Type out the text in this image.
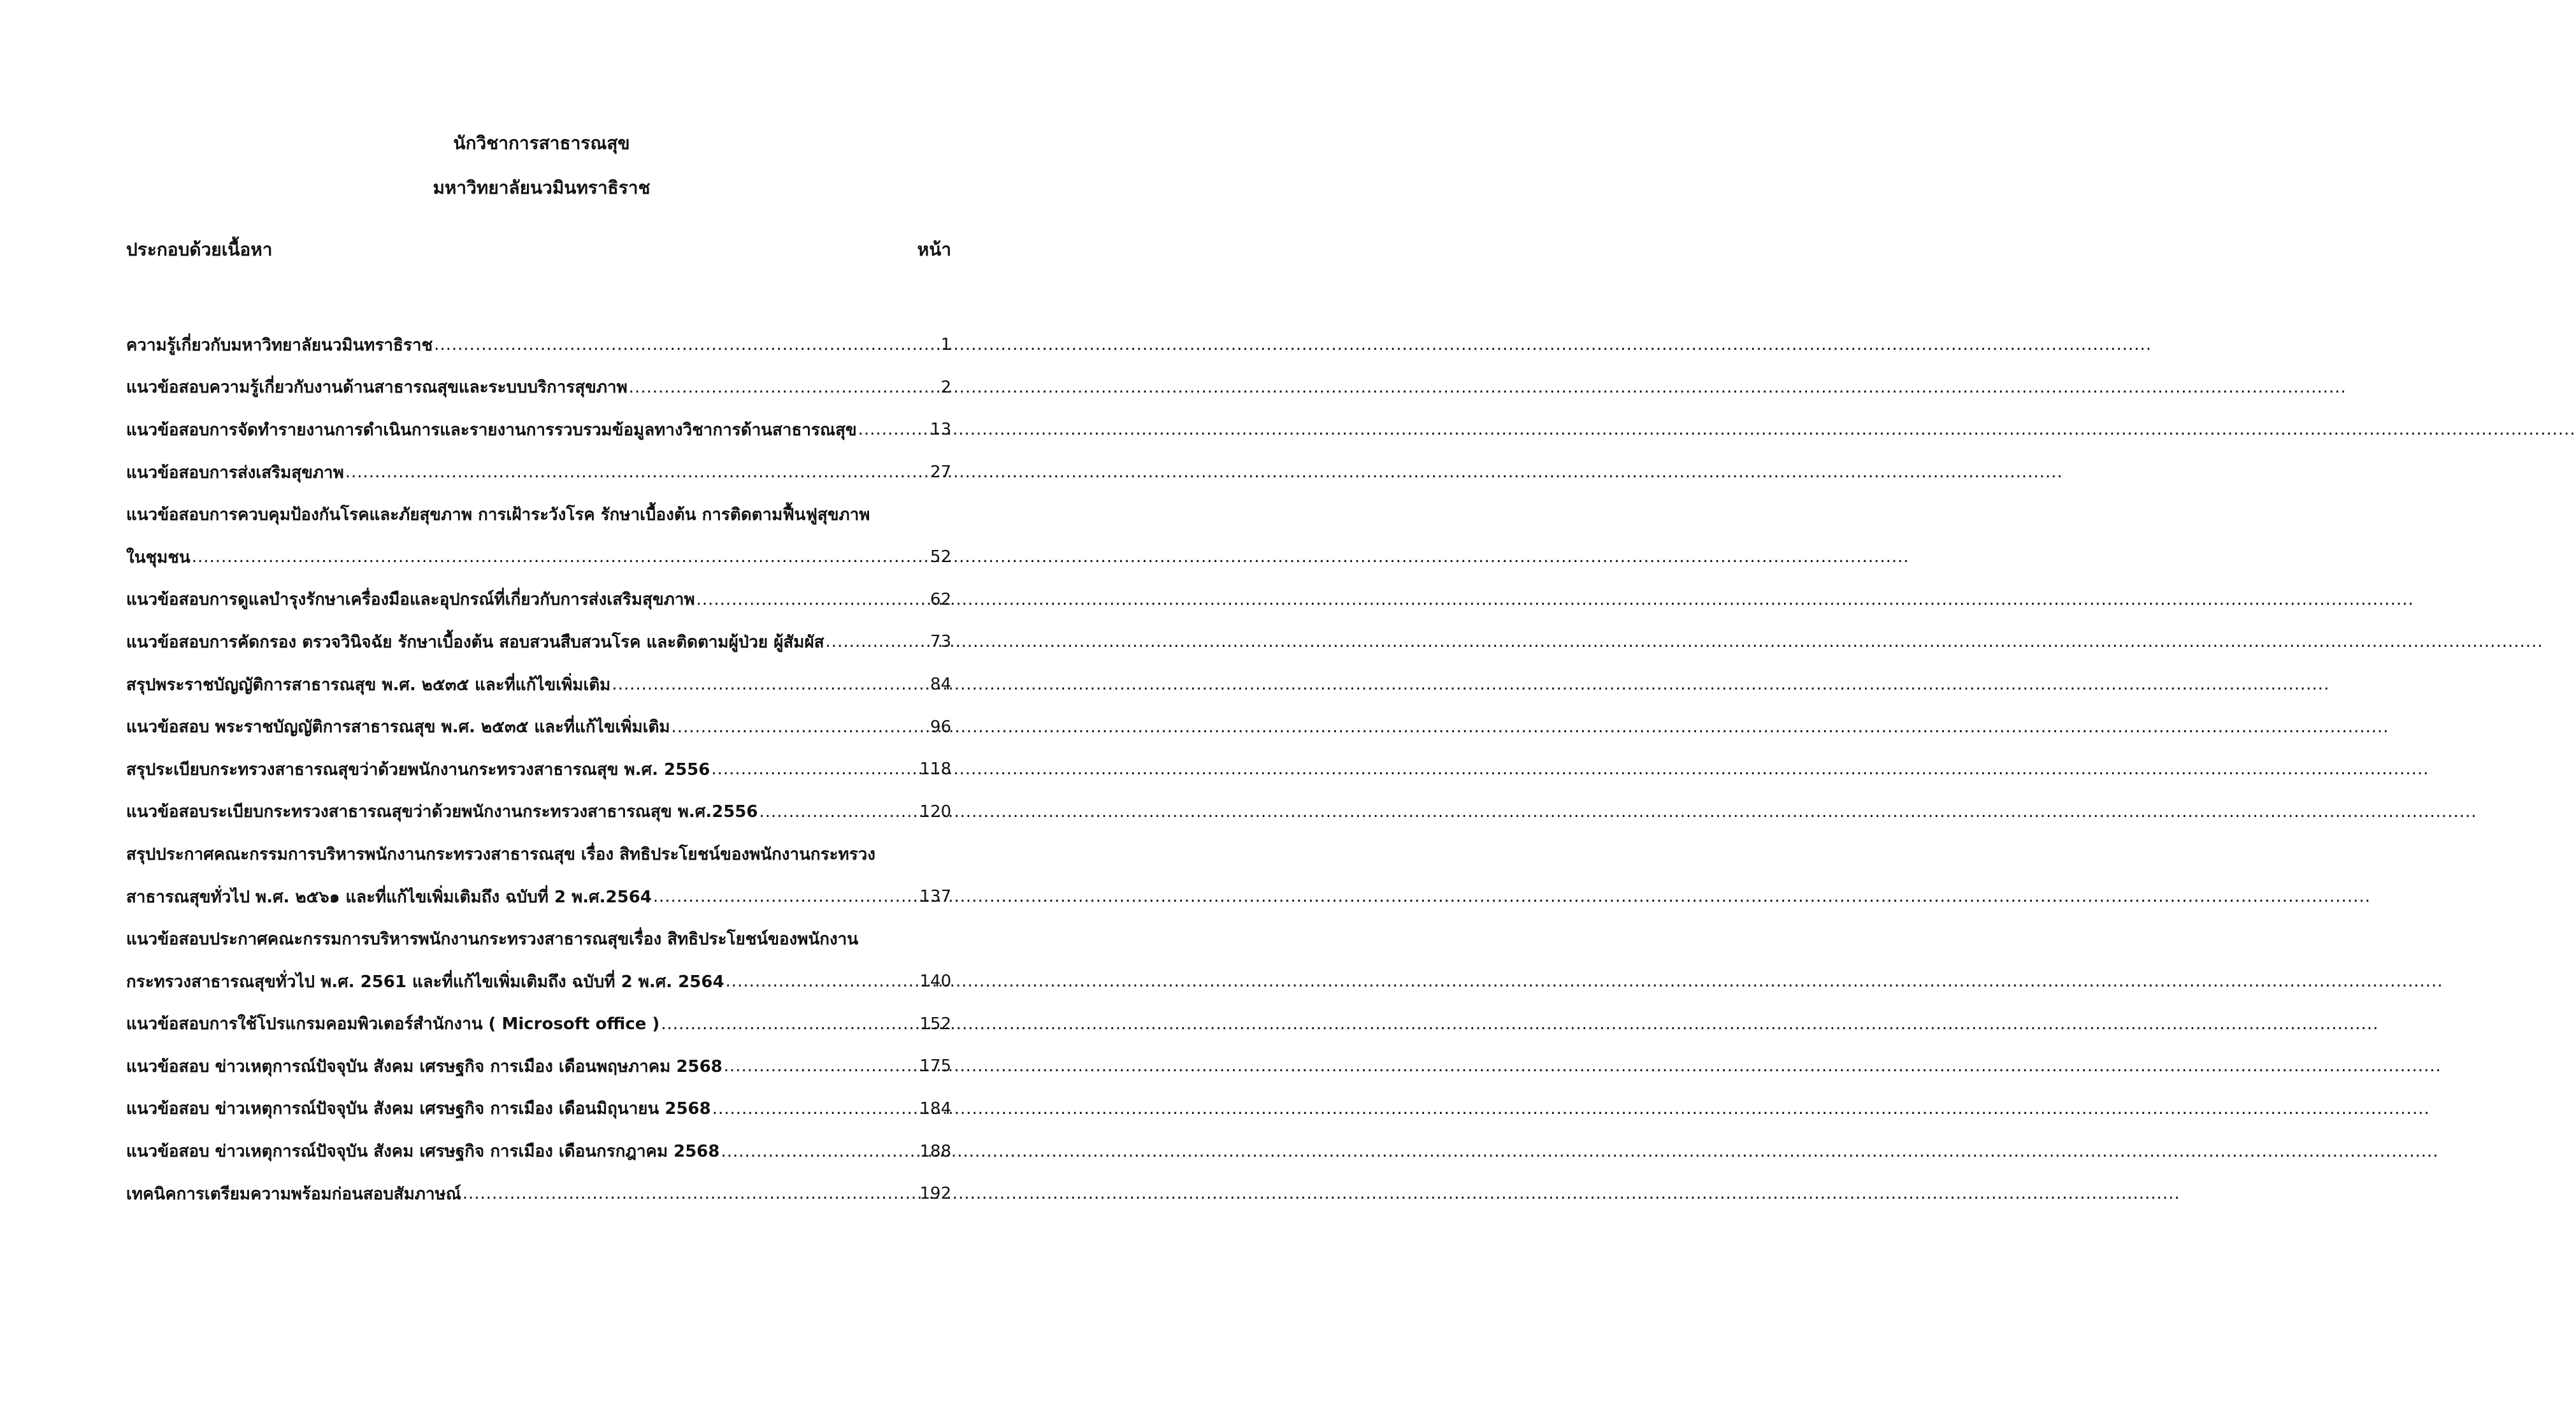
นักวิชาการสาธารณสุข
มหาวิทยาลัยนวมินทราธิราช
ประกอบด้วยเนื้อหา	หน้า
ความรู้เกี่ยวกับมหาวิทยาลัยนวมินทราธิราช .....	1
แนวข้อสอบความรู้เกี่ยวกับงานด้านสาธารณสุขและระบบบริการสุขภาพ .....	2
แนวข้อสอบการจัดทำรายงานการดำเนินการและรายงานการรวบรวมข้อมูลทางวิชาการด้านสาธารณสุข .....	13
แนวข้อสอบการส่งเสริมสุขภาพ .....	27
แนวข้อสอบการควบคุมป้องกันโรคและภัยสุขภาพ การเฝ้าระวังโรค รักษาเบื้องต้น การติดตามฟื้นฟูสุขภาพ
ในชุมชน .....	52
แนวข้อสอบการดูแลบำรุงรักษาเครื่องมือและอุปกรณ์ที่เกี่ยวกับการส่งเสริมสุขภาพ .....	62
แนวข้อสอบการคัดกรอง ตรวจวินิจฉัย รักษาเบื้องต้น สอบสวนสืบสวนโรค และติดตามผู้ป่วย ผู้สัมผัส .....	73
สรุปพระราชบัญญัติการสาธารณสุข พ.ศ. ๒๕๓๕ และที่แก้ไขเพิ่มเติม .....	84
แนวข้อสอบ พระราชบัญญัติการสาธารณสุข พ.ศ. ๒๕๓๕ และที่แก้ไขเพิ่มเติม .....	96
สรุประเบียบกระทรวงสาธารณสุขว่าด้วยพนักงานกระทรวงสาธารณสุข พ.ศ. 2556 .....	118
แนวข้อสอบระเบียบกระทรวงสาธารณสุขว่าด้วยพนักงานกระทรวงสาธารณสุข พ.ศ.2556 .....	120
สรุปประกาศคณะกรรมการบริหารพนักงานกระทรวงสาธารณสุข เรื่อง สิทธิประโยชน์ของพนักงานกระทรวง
สาธารณสุขทั่วไป พ.ศ. ๒๕๖๑ และที่แก้ไขเพิ่มเติมถึง ฉบับที่ 2 พ.ศ.2564 .....	137
แนวข้อสอบประกาศคณะกรรมการบริหารพนักงานกระทรวงสาธารณสุขเรื่อง สิทธิประโยชน์ของพนักงาน
กระทรวงสาธารณสุขทั่วไป พ.ศ. 2561 และที่แก้ไขเพิ่มเติมถึง ฉบับที่ 2 พ.ศ. 2564 .....	140
แนวข้อสอบการใช้โปรแกรมคอมพิวเตอร์สำนักงาน ( Microsoft office ) .....	152
แนวข้อสอบ ข่าวเหตุการณ์ปัจจุบัน สังคม เศรษฐกิจ การเมือง เดือนพฤษภาคม 2568 .....	175
แนวข้อสอบ ข่าวเหตุการณ์ปัจจุบัน สังคม เศรษฐกิจ การเมือง เดือนมิถุนายน 2568 .....	184
แนวข้อสอบ ข่าวเหตุการณ์ปัจจุบัน สังคม เศรษฐกิจ การเมือง เดือนกรกฎาคม 2568 .....	188
เทคนิคการเตรียมความพร้อมก่อนสอบสัมภาษณ์ .....	192
